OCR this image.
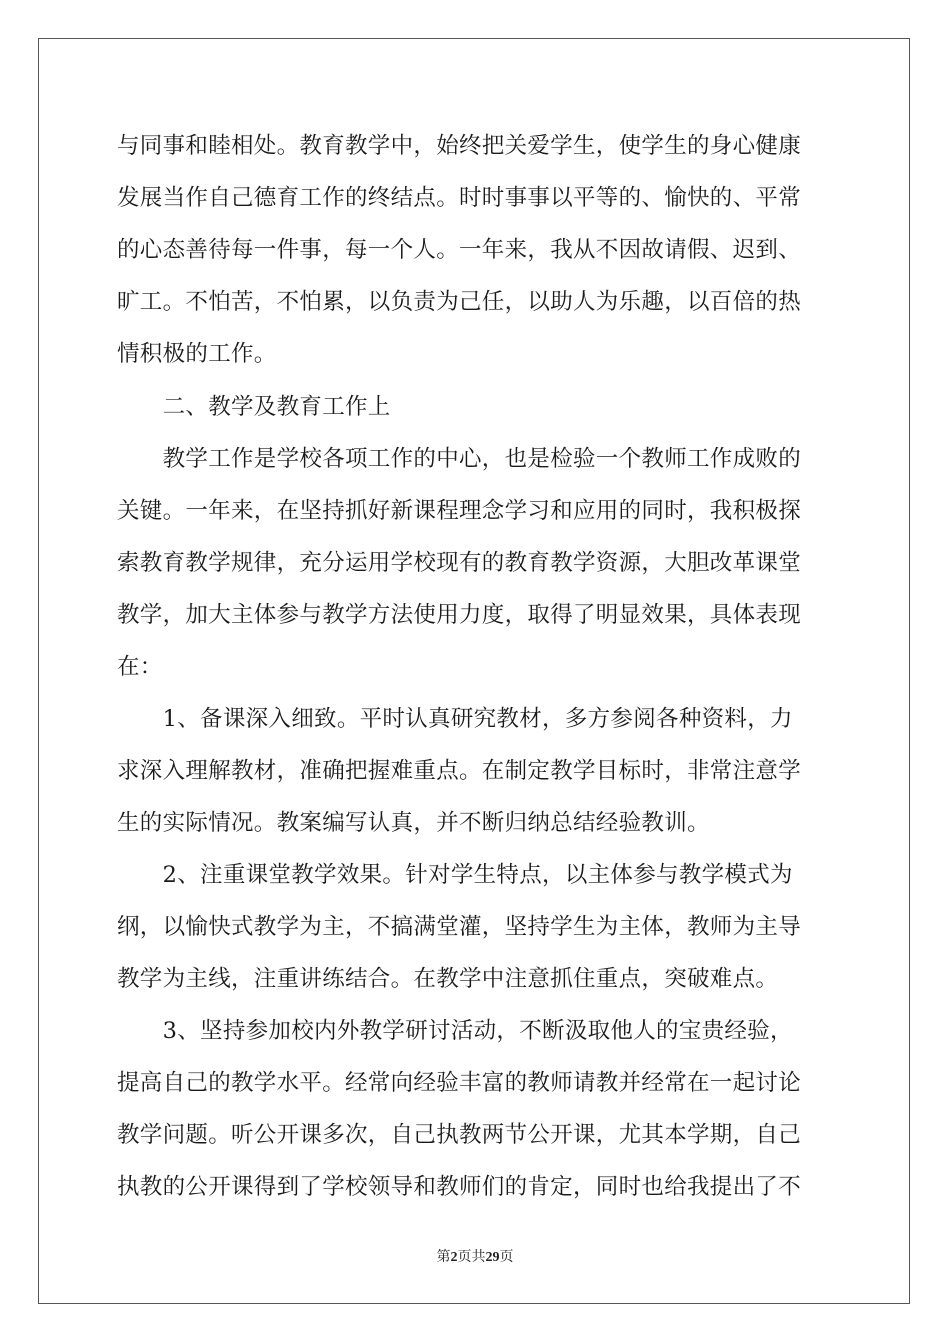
与同事和睦相处。教育教学中，始终把关爱学生，使学生的身心健康
发展当作自己德育工作的终结点。时时事事以平等的、愉快的、平常
的心态善待每一件事，每一个人。一年来，我从不因故请假、迟到、
旷工。不怕苦，不怕累，以负责为己任，以助人为乐趣，以百倍的热
情积极的工作。
　　二、教学及教育工作上
　　教学工作是学校各项工作的中心，也是检验一个教师工作成败的
关键。一年来，在坚持抓好新课程理念学习和应用的同时，我积极探
索教育教学规律，充分运用学校现有的教育教学资源，大胆改革课堂
教学，加大主体参与教学方法使用力度，取得了明显效果，具体表现
在：
　　1、备课深入细致。平时认真研究教材，多方参阅各种资料，力
求深入理解教材，准确把握难重点。在制定教学目标时，非常注意学
生的实际情况。教案编写认真，并不断归纳总结经验教训。
　　2、注重课堂教学效果。针对学生特点，以主体参与教学模式为
纲，以愉快式教学为主，不搞满堂灌，坚持学生为主体，教师为主导
教学为主线，注重讲练结合。在教学中注意抓住重点，突破难点。
　　3、坚持参加校内外教学研讨活动，不断汲取他人的宝贵经验，
提高自己的教学水平。经常向经验丰富的教师请教并经常在一起讨论
教学问题。听公开课多次，自己执教两节公开课，尤其本学期，自己
执教的公开课得到了学校领导和教师们的肯定，同时也给我提出了不
第2页共29页
